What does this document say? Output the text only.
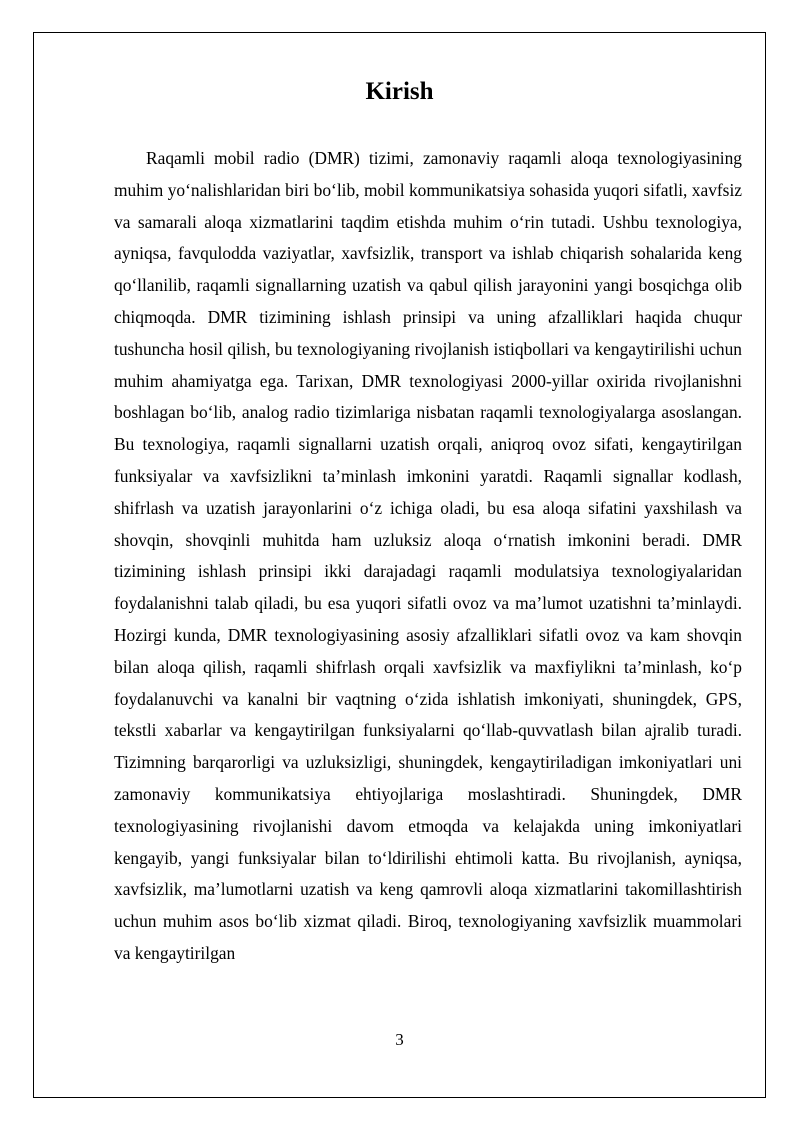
Kirish

Raqamli mobil radio (DMR) tizimi, zamonaviy raqamli aloqa texnologiyasining muhim yo‘nalishlaridan biri bo‘lib, mobil kommunikatsiya sohasida yuqori sifatli, xavfsiz va samarali aloqa xizmatlarini taqdim etishda muhim o‘rin tutadi. Ushbu texnologiya, ayniqsa, favqulodda vaziyatlar, xavfsizlik, transport va ishlab chiqarish sohalarida keng qo‘llanilib, raqamli signallarning uzatish va qabul qilish jarayonini yangi bosqichga olib chiqmoqda. DMR tizimining ishlash prinsipi va uning afzalliklari haqida chuqur tushuncha hosil qilish, bu texnologiyaning rivojlanish istiqbollari va kengaytirilishi uchun muhim ahamiyatga ega. Tarixan, DMR texnologiyasi 2000-yillar oxirida rivojlanishni boshlagan bo‘lib, analog radio tizimlariga nisbatan raqamli texnologiyalarga asoslangan. Bu texnologiya, raqamli signallarni uzatish orqali, aniqroq ovoz sifati, kengaytirilgan funksiyalar va xavfsizlikni ta’minlash imkonini yaratdi. Raqamli signallar kodlash, shifrlash va uzatish jarayonlarini o‘z ichiga oladi, bu esa aloqa sifatini yaxshilash va shovqin, shovqinli muhitda ham uzluksiz aloqa o‘rnatish imkonini beradi. DMR tizimining ishlash prinsipi ikki darajadagi raqamli modulatsiya texnologiyalaridan foydalanishni talab qiladi, bu esa yuqori sifatli ovoz va ma’lumot uzatishni ta’minlaydi. Hozirgi kunda, DMR texnologiyasining asosiy afzalliklari sifatli ovoz va kam shovqin bilan aloqa qilish, raqamli shifrlash orqali xavfsizlik va maxfiylikni ta’minlash, ko‘p foydalanuvchi va kanalni bir vaqtning o‘zida ishlatish imkoniyati, shuningdek, GPS, tekstli xabarlar va kengaytirilgan funksiyalarni qo‘llab-quvvatlash bilan ajralib turadi. Tizimning barqarorligi va uzluksizligi, shuningdek, kengaytiriladigan imkoniyatlari uni zamonaviy kommunikatsiya ehtiyojlariga moslashtiradi. Shuningdek, DMR texnologiyasining rivojlanishi davom etmoqda va kelajakda uning imkoniyatlari kengayib, yangi funksiyalar bilan to‘ldirilishi ehtimoli katta. Bu rivojlanish, ayniqsa, xavfsizlik, ma’lumotlarni uzatish va keng qamrovli aloqa xizmatlarini takomillashtirish uchun muhim asos bo‘lib xizmat qiladi. Biroq, texnologiyaning xavfsizlik muammolari va kengaytirilgan

3
